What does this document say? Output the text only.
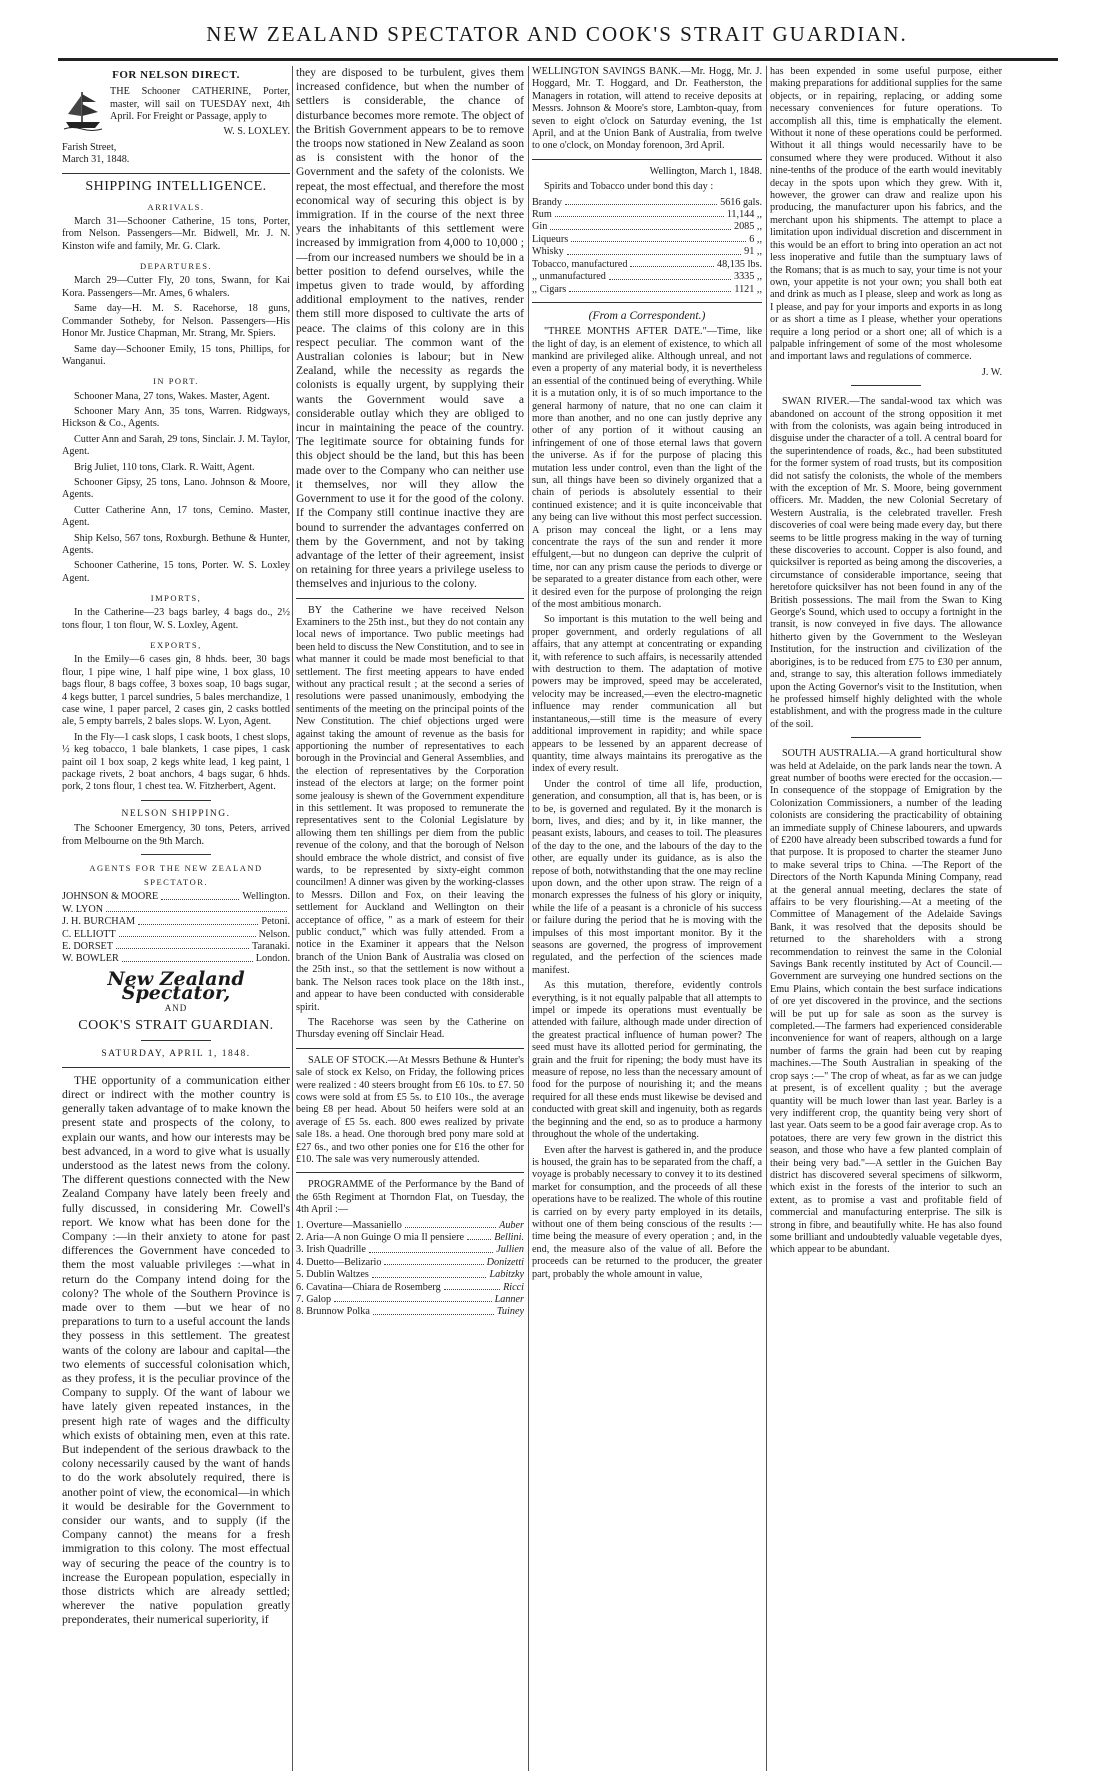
NEW ZEALAND SPECTATOR AND COOK'S STRAIT GUARDIAN.
FOR NELSON DIRECT.

THE Schooner CATHERINE, Porter, master, will sail on TUESDAY next, 4th April. For Freight or Passage, apply to

W. S. LOXLEY.

Farish Street,

March 31, 1848.

SHIPPING INTELLIGENCE.
ARRIVALS.

March 31—Schooner Catherine, 15 tons, Porter, from Nelson. Passengers—Mr. Bidwell, Mr. J. N. Kinston wife and family, Mr. G. Clark.

DEPARTURES.

March 29—Cutter Fly, 20 tons, Swann, for Kai Kora. Passengers—Mr. Ames, 6 whalers.

Same day—H. M. S. Racehorse, 18 guns, Commander Sotheby, for Nelson. Passengers—His Honor Mr. Justice Chapman, Mr. Strang, Mr. Spiers.

Same day—Schooner Emily, 15 tons, Phillips, for Wanganui.

IN PORT.

Schooner Mana, 27 tons, Wakes. Master, Agent.

Schooner Mary Ann, 35 tons, Warren. Ridgways, Hickson & Co., Agents.

Cutter Ann and Sarah, 29 tons, Sinclair. J. M. Taylor, Agent.

Brig Juliet, 110 tons, Clark. R. Waitt, Agent.

Schooner Gipsy, 25 tons, Lano. Johnson & Moore, Agents.

Cutter Catherine Ann, 17 tons, Cemino. Master, Agent.

Ship Kelso, 567 tons, Roxburgh. Bethune & Hunter, Agents.

Schooner Catherine, 15 tons, Porter. W. S. Loxley Agent.

IMPORTS,

In the Catherine—23 bags barley, 4 bags do., 2½ tons flour, 1 ton flour, W. S. Loxley, Agent.

EXPORTS,

In the Emily—6 cases gin, 8 hhds. beer, 30 bags flour, 1 pipe wine, 1 half pipe wine, 1 box glass, 10 bags flour, 8 bags coffee, 3 boxes soap, 10 bags sugar, 4 kegs butter, 1 parcel sundries, 5 bales merchandize, 1 case wine, 1 paper parcel, 2 cases gin, 2 casks bottled ale, 5 empty barrels, 2 bales slops. W. Lyon, Agent.

In the Fly—1 cask slops, 1 cask boots, 1 chest slops, ½ keg tobacco, 1 bale blankets, 1 case pipes, 1 cask paint oil 1 box soap, 2 kegs white lead, 1 keg paint, 1 package rivets, 2 boat anchors, 4 bags sugar, 6 hhds. pork, 2 tons flour, 1 chest tea. W. Fitzherbert, Agent.

NELSON SHIPPING.

The Schooner Emergency, 30 tons, Peters, arrived from Melbourne on the 9th March.

AGENTS FOR THE NEW ZEALAND SPECTATOR.
JOHNSON & MOORE	Wellington.
W. LYON
J. H. BURCHAM	Petoni.
C. ELLIOTT	Nelson.
E. DORSET	Taranaki.
W. BOWLER	London.
New Zealand Spectator,
AND
COOK'S STRAIT GUARDIAN.
SATURDAY, APRIL 1, 1848.

THE opportunity of a communication either direct or indirect with the mother country is generally taken advantage of to make known the present state and prospects of the colony, to explain our wants, and how our interests may be best advanced, in a word to give what is usually understood as the latest news from the colony. The different questions connected with the New Zealand Company have lately been freely and fully discussed, in considering Mr. Cowell's report. We know what has been done for the Company :—in their anxiety to atone for past differences the Government have conceded to them the most valuable privileges :—what in return do the Company intend doing for the colony? The whole of the Southern Province is made over to them —but we hear of no preparations to turn to a useful account the lands they possess in this settlement. The greatest wants of the colony are labour and capital—the two elements of successful colonisation which, as they profess, it is the peculiar province of the Company to supply. Of the want of labour we have lately given repeated instances, in the present high rate of wages and the difficulty which exists of obtaining men, even at this rate. But independent of the serious drawback to the colony necessarily caused by the want of hands to do the work absolutely required, there is another point of view, the economical—in which it would be desirable for the Government to consider our wants, and to supply (if the Company cannot) the means for a fresh immigration to this colony. The most effectual way of securing the peace of the country is to increase the European population, especially in those districts which are already settled; wherever the native population greatly preponderates, their numerical superiority, if

they are disposed to be turbulent, gives them increased confidence, but when the number of settlers is considerable, the chance of disturbance becomes more remote. The object of the British Government appears to be to remove the troops now stationed in New Zealand as soon as is consistent with the honor of the Government and the safety of the colonists. We repeat, the most effectual, and therefore the most economical way of securing this object is by immigration. If in the course of the next three years the inhabitants of this settlement were increased by immigration from 4,000 to 10,000 ;—from our increased numbers we should be in a better position to defend ourselves, while the impetus given to trade would, by affording additional employment to the natives, render them still more disposed to cultivate the arts of peace. The claims of this colony are in this respect peculiar. The common want of the Australian colonies is labour; but in New Zealand, while the necessity as regards the colonists is equally urgent, by supplying their wants the Government would save a considerable outlay which they are obliged to incur in maintaining the peace of the country. The legitimate source for obtaining funds for this object should be the land, but this has been made over to the Company who can neither use it themselves, nor will they allow the Government to use it for the good of the colony. If the Company still continue inactive they are bound to surrender the advantages conferred on them by the Government, and not by taking advantage of the letter of their agreement, insist on retaining for three years a privilege useless to themselves and injurious to the colony.

BY the Catherine we have received Nelson Examiners to the 25th inst., but they do not contain any local news of importance. Two public meetings had been held to discuss the New Constitution, and to see in what manner it could be made most beneficial to that settlement. The first meeting appears to have ended without any practical result ; at the second a series of resolutions were passed unanimously, embodying the sentiments of the meeting on the principal points of the New Constitution. The chief objections urged were against taking the amount of revenue as the basis for apportioning the number of representatives to each borough in the Provincial and General Assemblies, and the election of representatives by the Corporation instead of the electors at large; on the former point some jealousy is shewn of the Government expenditure in this settlement. It was proposed to remunerate the representatives sent to the Colonial Legislature by allowing them ten shillings per diem from the public revenue of the colony, and that the borough of Nelson should embrace the whole district, and consist of five wards, to be represented by sixty-eight common councilmen! A dinner was given by the working-classes to Messrs. Dillon and Fox, on their leaving the settlement for Auckland and Wellington on their acceptance of office, " as a mark of esteem for their public conduct," which was fully attended. From a notice in the Examiner it appears that the Nelson branch of the Union Bank of Australia was closed on the 25th inst., so that the settlement is now without a bank. The Nelson races took place on the 18th inst., and appear to have been conducted with considerable spirit.

The Racehorse was seen by the Catherine on Thursday evening off Sinclair Head.

SALE OF STOCK.—At Messrs Bethune & Hunter's sale of stock ex Kelso, on Friday, the following prices were realized : 40 steers brought from £6 10s. to £7. 50 cows were sold at from £5 5s. to £10 10s., the average being £8 per head. About 50 heifers were sold at an average of £5 5s. each. 800 ewes realized by private sale 18s. a head. One thorough bred pony mare sold at £27 6s., and two other ponies one for £16 the other for £10. The sale was very numerously attended.

PROGRAMME of the Performance by the Band of the 65th Regiment at Thorndon Flat, on Tuesday, the 4th April :—

1. Overture—Massaniello	Auber
2. Aria—A non Guinge O mia Il pensiere	Bellini.
3. Irish Quadrille	Jullien
4. Duetto—Belizario	Donizetti
5. Dublin Waltzes	Labitzky
6. Cavatina—Chiara de Rosemberg	Ricci
7. Galop	Lanner
8. Brunnow Polka	Tuiney

WELLINGTON SAVINGS BANK.—Mr. Hogg, Mr. J. Hoggard, Mr. T. Hoggard, and Dr. Featherston, the Managers in rotation, will attend to receive deposits at Messrs. Johnson & Moore's store, Lambton-quay, from seven to eight o'clock on Saturday evening, the 1st April, and at the Union Bank of Australia, from twelve to one o'clock, on Monday forenoon, 3rd April.

Wellington, March 1, 1848.

Spirits and Tobacco under bond this day :

Brandy	5616 gals.
Rum	11,144 ,,
Gin	2085 ,,
Liqueurs	6 ,,
Whisky	91 ,,
Tobacco, manufactured	48,135 lbs.
,, unmanufactured	3335 ,,
,, Cigars	1121 ,,

(From a Correspondent.)

"THREE MONTHS AFTER DATE."—Time, like the light of day, is an element of existence, to which all mankind are privileged alike. Although unreal, and not even a property of any material body, it is nevertheless an essential of the continued being of everything. While it is a mutation only, it is of so much importance to the general harmony of nature, that no one can claim it more than another, and no one can justly deprive any other of any portion of it without causing an infringement of one of those eternal laws that govern the universe. As if for the purpose of placing this mutation less under control, even than the light of the sun, all things have been so divinely organized that a chain of periods is absolutely essential to their continued existence; and it is quite inconceivable that any being can live without this most perfect succession. A prison may conceal the light, or a lens may concentrate the rays of the sun and render it more effulgent,—but no dungeon can deprive the culprit of time, nor can any prism cause the periods to diverge or be separated to a greater distance from each other, were it desired even for the purpose of prolonging the reign of the most ambitious monarch.

So important is this mutation to the well being and proper government, and orderly regulations of all affairs, that any attempt at concentrating or expanding it, with reference to such affairs, is necessarily attended with destruction to them. The adaptation of motive powers may be improved, speed may be accelerated, velocity may be increased,—even the electro-magnetic influence may render communication all but instantaneous,—still time is the measure of every additional improvement in rapidity; and while space appears to be lessened by an apparent decrease of quantity, time always maintains its prerogative as the index of every result.

Under the control of time all life, production, generation, and consumption, all that is, has been, or is to be, is governed and regulated. By it the monarch is born, lives, and dies; and by it, in like manner, the peasant exists, labours, and ceases to toil. The pleasures of the day to the one, and the labours of the day to the other, are equally under its guidance, as is also the repose of both, notwithstanding that the one may recline upon down, and the other upon straw. The reign of a monarch expresses the fulness of his glory or iniquity, while the life of a peasant is a chronicle of his success or failure during the period that he is moving with the impulses of this most important monitor. By it the seasons are governed, the progress of improvement regulated, and the perfection of the sciences made manifest.

As this mutation, therefore, evidently controls everything, is it not equally palpable that all attempts to impel or impede its operations must eventually be attended with failure, although made under direction of the greatest practical influence of human power? The seed must have its allotted period for germinating, the grain and the fruit for ripening; the body must have its measure of repose, no less than the necessary amount of food for the purpose of nourishing it; and the means required for all these ends must likewise be devised and conducted with great skill and ingenuity, both as regards the beginning and the end, so as to produce a harmony throughout the whole of the undertaking.

Even after the harvest is gathered in, and the produce is housed, the grain has to be separated from the chaff, a voyage is probably necessary to convey it to its destined market for consumption, and the proceeds of all these operations have to be realized. The whole of this routine is carried on by every party employed in its details, without one of them being conscious of the results :—time being the measure of every operation ; and, in the end, the measure also of the value of all. Before the proceeds can be returned to the producer, the greater part, probably the whole amount in value,

has been expended in some useful purpose, either making preparations for additional supplies for the same objects, or in repairing, replacing, or adding some necessary conveniences for future operations. To accomplish all this, time is emphatically the element. Without it none of these operations could be performed. Without it all things would necessarily have to be consumed where they were produced. Without it also nine-tenths of the produce of the earth would inevitably decay in the spots upon which they grew. With it, however, the grower can draw and realize upon his producing, the manufacturer upon his fabrics, and the merchant upon his shipments. The attempt to place a limitation upon individual discretion and discernment in this would be an effort to bring into operation an act not less inoperative and futile than the sumptuary laws of the Romans; that is as much to say, your time is not your own, your appetite is not your own; you shall both eat and drink as much as I please, sleep and work as long as I please, and pay for your imports and exports in as long or as short a time as I please, whether your operations require a long period or a short one; all of which is a palpable infringement of some of the most wholesome and important laws and regulations of commerce.

J. W.

SWAN RIVER.—The sandal-wood tax which was abandoned on account of the strong opposition it met with from the colonists, was again being introduced in disguise under the character of a toll. A central board for the superintendence of roads, &c., had been substituted for the former system of road trusts, but its composition did not satisfy the colonists, the whole of the members with the exception of Mr. S. Moore, being government officers. Mr. Madden, the new Colonial Secretary of Western Australia, is the celebrated traveller. Fresh discoveries of coal were being made every day, but there seems to be little progress making in the way of turning these discoveries to account. Copper is also found, and quicksilver is reported as being among the discoveries, a circumstance of considerable importance, seeing that heretofore quicksilver has not been found in any of the British possessions. The mail from the Swan to King George's Sound, which used to occupy a fortnight in the transit, is now conveyed in five days. The allowance hitherto given by the Government to the Wesleyan Institution, for the instruction and civilization of the aborigines, is to be reduced from £75 to £30 per annum, and, strange to say, this alteration follows immediately upon the Acting Governor's visit to the Institution, when he professed himself highly delighted with the whole establishment, and with the progress made in the culture of the soil.

SOUTH AUSTRALIA.—A grand horticultural show was held at Adelaide, on the park lands near the town. A great number of booths were erected for the occasion.—In consequence of the stoppage of Emigration by the Colonization Commissioners, a number of the leading colonists are considering the practicability of obtaining an immediate supply of Chinese labourers, and upwards of £200 have already been subscribed towards a fund for that purpose. It is proposed to charter the steamer Juno to make several trips to China. —The Report of the Directors of the North Kapunda Mining Company, read at the general annual meeting, declares the state of affairs to be very flourishing.—At a meeting of the Committee of Management of the Adelaide Savings Bank, it was resolved that the deposits should be returned to the shareholders with a strong recommendation to reinvest the same in the Colonial Savings Bank recently instituted by Act of Council.—Government are surveying one hundred sections on the Emu Plains, which contain the best surface indications of ore yet discovered in the province, and the sections will be put up for sale as soon as the survey is completed.—The farmers had experienced considerable inconvenience for want of reapers, although on a large number of farms the grain had been cut by reaping machines.—The South Australian in speaking of the crop says :—" The crop of wheat, as far as we can judge at present, is of excellent quality ; but the average quantity will be much lower than last year. Barley is a very indifferent crop, the quantity being very short of last year. Oats seem to be a good fair average crop. As to potatoes, there are very few grown in the district this season, and those who have a few planted complain of their being very bad."—A settler in the Guichen Bay district has discovered several specimens of silkworm, which exist in the forests of the interior to such an extent, as to promise a vast and profitable field of commercial and manufacturing enterprise. The silk is strong in fibre, and beautifully white. He has also found some brilliant and undoubtedly valuable vegetable dyes, which appear to be abundant.
